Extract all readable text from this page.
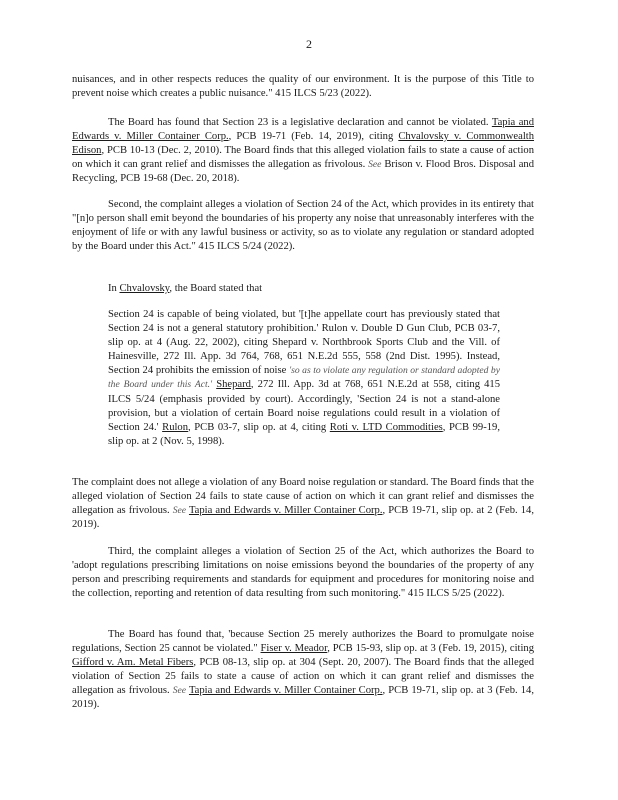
2

nuisances, and in other respects reduces the quality of our environment. It is the purpose of this Title to prevent noise which creates a public nuisance." 415 ILCS 5/23 (2022).

The Board has found that Section 23 is a legislative declaration and cannot be violated. Tapia and Edwards v. Miller Container Corp., PCB 19-71 (Feb. 14, 2019), citing Chvalovsky v. Commonwealth Edison, PCB 10-13 (Dec. 2, 2010). The Board finds that this alleged violation fails to state a cause of action on which it can grant relief and dismisses the allegation as frivolous. See Brison v. Flood Bros. Disposal and Recycling, PCB 19-68 (Dec. 20, 2018).

Second, the complaint alleges a violation of Section 24 of the Act, which provides in its entirety that "[n]o person shall emit beyond the boundaries of his property any noise that unreasonably interferes with the enjoyment of life or with any lawful business or activity, so as to violate any regulation or standard adopted by the Board under this Act." 415 ILCS 5/24 (2022).

In Chvalovsky, the Board stated that

Section 24 is capable of being violated, but '[t]he appellate court has previously stated that Section 24 is not a general statutory prohibition.' Rulon v. Double D Gun Club, PCB 03-7, slip op. at 4 (Aug. 22, 2002), citing Shepard v. Northbrook Sports Club and the Vill. of Hainesville, 272 Ill. App. 3d 764, 768, 651 N.E.2d 555, 558 (2nd Dist. 1995). Instead, Section 24 prohibits the emission of noise 'so as to violate any regulation or standard adopted by the Board under this Act.' Shepard, 272 Ill. App. 3d at 768, 651 N.E.2d at 558, citing 415 ILCS 5/24 (emphasis provided by court). Accordingly, 'Section 24 is not a stand-alone provision, but a violation of certain Board noise regulations could result in a violation of Section 24.' Rulon, PCB 03-7, slip op. at 4, citing Roti v. LTD Commodities, PCB 99-19, slip op. at 2 (Nov. 5, 1998).

The complaint does not allege a violation of any Board noise regulation or standard. The Board finds that the alleged violation of Section 24 fails to state cause of action on which it can grant relief and dismisses the allegation as frivolous. See Tapia and Edwards v. Miller Container Corp., PCB 19-71, slip op. at 2 (Feb. 14, 2019).

Third, the complaint alleges a violation of Section 25 of the Act, which authorizes the Board to 'adopt regulations prescribing limitations on noise emissions beyond the boundaries of the property of any person and prescribing requirements and standards for equipment and procedures for monitoring noise and the collection, reporting and retention of data resulting from such monitoring." 415 ILCS 5/25 (2022).

The Board has found that, 'because Section 25 merely authorizes the Board to promulgate noise regulations, Section 25 cannot be violated." Fiser v. Meador, PCB 15-93, slip op. at 3 (Feb. 19, 2015), citing Gifford v. Am. Metal Fibers, PCB 08-13, slip op. at 304 (Sept. 20, 2007). The Board finds that the alleged violation of Section 25 fails to state a cause of action on which it can grant relief and dismisses the allegation as frivolous. See Tapia and Edwards v. Miller Container Corp., PCB 19-71, slip op. at 3 (Feb. 14, 2019).
